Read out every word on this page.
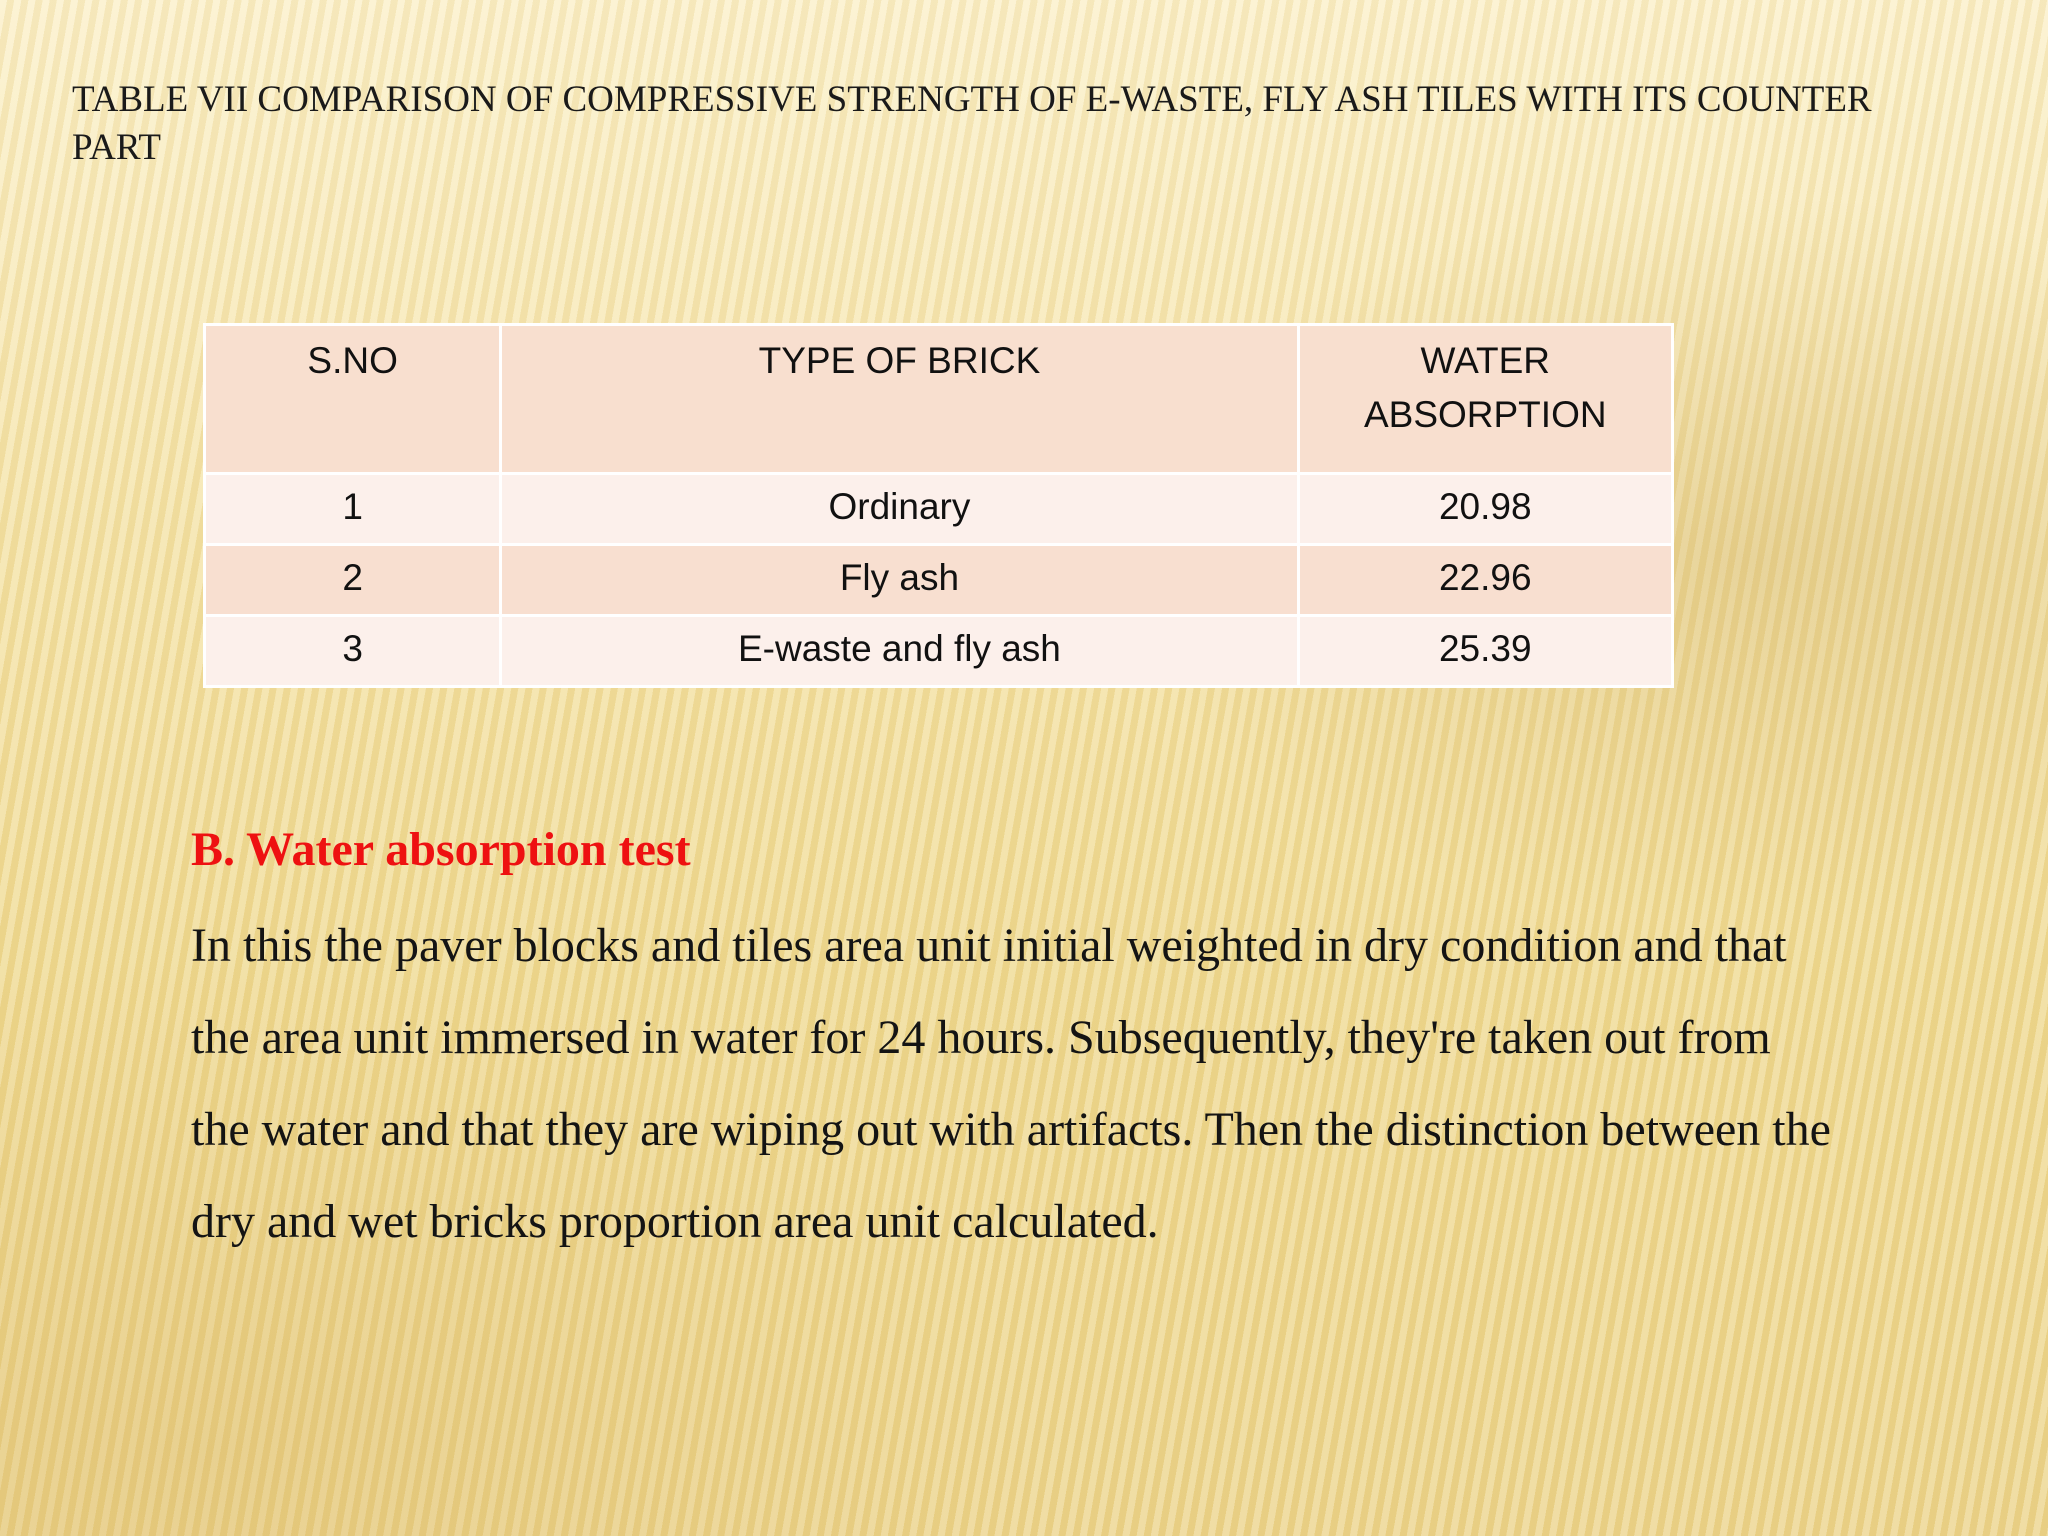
TABLE VII COMPARISON OF COMPRESSIVE STRENGTH OF E-WASTE, FLY ASH TILES WITH ITS COUNTER PART
S.NO	TYPE OF BRICK	WATER ABSORPTION
1	Ordinary	20.98
2	Fly ash	22.96
3	E-waste and fly ash	25.39
B. Water absorption test

In this the paver blocks and tiles area unit initial weighted in dry condition and that the area unit immersed in water for 24 hours. Subsequently, they're taken out from the water and that they are wiping out with artifacts. Then the distinction between the dry and wet bricks proportion area unit calculated.
